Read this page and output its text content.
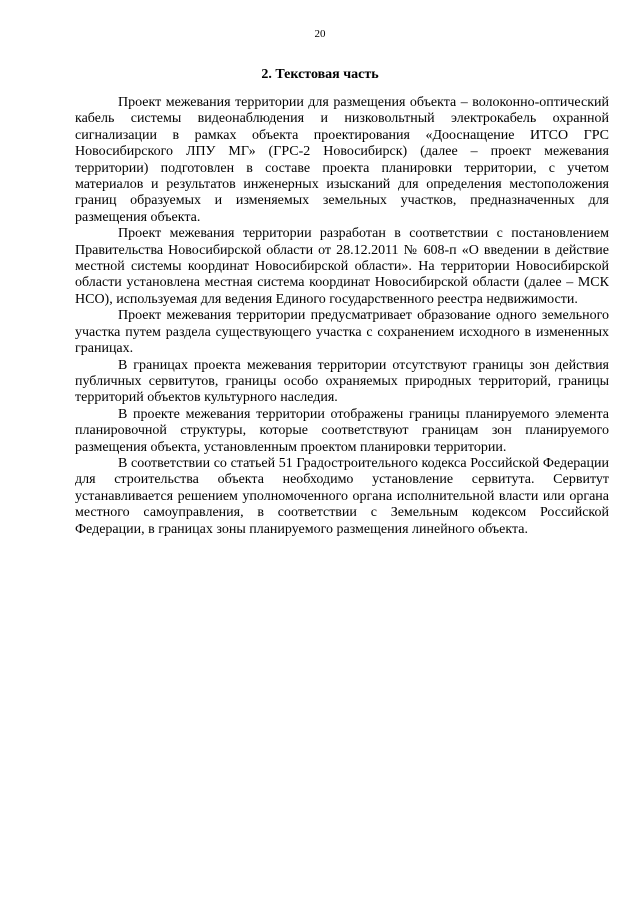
20
2. Текстовая часть

Проект межевания территории для размещения объекта – волоконно-оптический кабель системы видеонаблюдения и низковольтный электрокабель охранной сигнализации в рамках объекта проектирования «Дооснащение ИТСО ГРС Новосибирского ЛПУ МГ» (ГРС-2 Новосибирск) (далее – проект межевания территории) подготовлен в составе проекта планировки территории, с учетом материалов и результатов инженерных изысканий для определения местоположения границ образуемых и изменяемых земельных участков, предназначенных для размещения объекта.

Проект межевания территории разработан в соответствии с постановлением Правительства Новосибирской области от 28.12.2011 № 608-п «О введении в действие местной системы координат Новосибирской области». На территории Новосибирской области установлена местная система координат Новосибирской области (далее – МСК НСО), используемая для ведения Единого государственного реестра недвижимости.

Проект межевания территории предусматривает образование одного земельного участка путем раздела существующего участка с сохранением исходного в измененных границах.

В границах проекта межевания территории отсутствуют границы зон действия публичных сервитутов, границы особо охраняемых природных территорий, границы территорий объектов культурного наследия.

В проекте межевания территории отображены границы планируемого элемента планировочной структуры, которые соответствуют границам зон планируемого размещения объекта, установленным проектом планировки территории.

В соответствии со статьей 51 Градостроительного кодекса Российской Федерации для строительства объекта необходимо установление сервитута. Сервитут устанавливается решением уполномоченного органа исполнительной власти или органа местного самоуправления, в соответствии с Земельным кодексом Российской Федерации, в границах зоны планируемого размещения линейного объекта.
